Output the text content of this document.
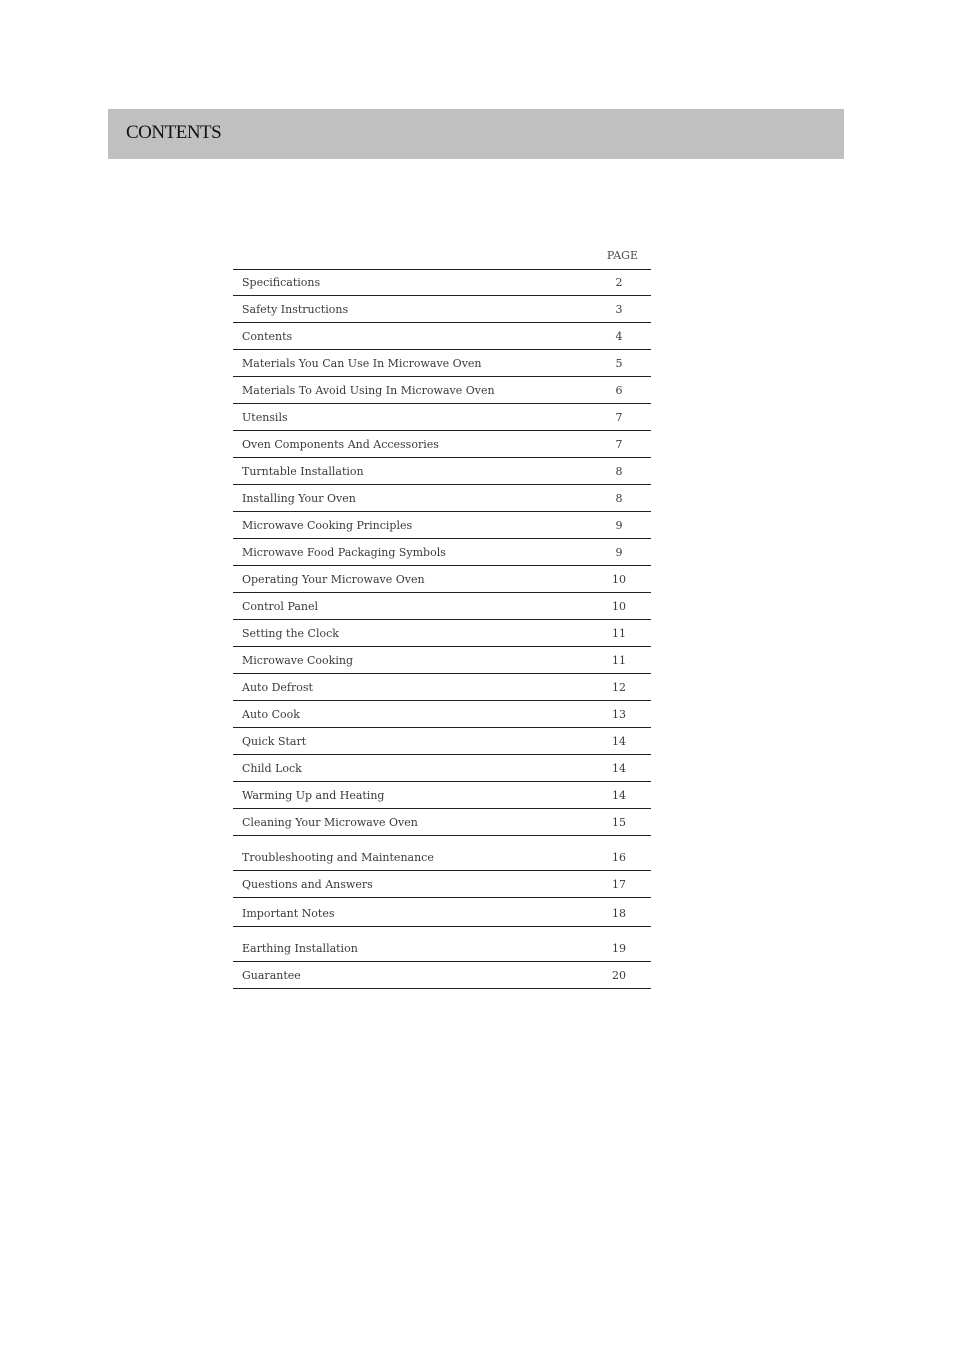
CONTENTS
PAGE
Specifications	2
Safety Instructions	3
Contents	4
Materials You Can Use In Microwave Oven	5
Materials To Avoid Using In Microwave Oven	6
Utensils	7
Oven Components And Accessories	7
Turntable Installation	8
Installing Your Oven	8
Microwave Cooking Principles	9
Microwave Food Packaging Symbols	9
Operating Your Microwave Oven	10
Control Panel	10
Setting the Clock	11
Microwave Cooking	11
Auto Defrost	12
Auto Cook	13
Quick Start	14
Child Lock	14
Warming Up and Heating	14
Cleaning Your Microwave Oven	15
Troubleshooting and Maintenance	16
Questions and Answers	17
Important Notes	18
Earthing Installation	19
Guarantee	20
